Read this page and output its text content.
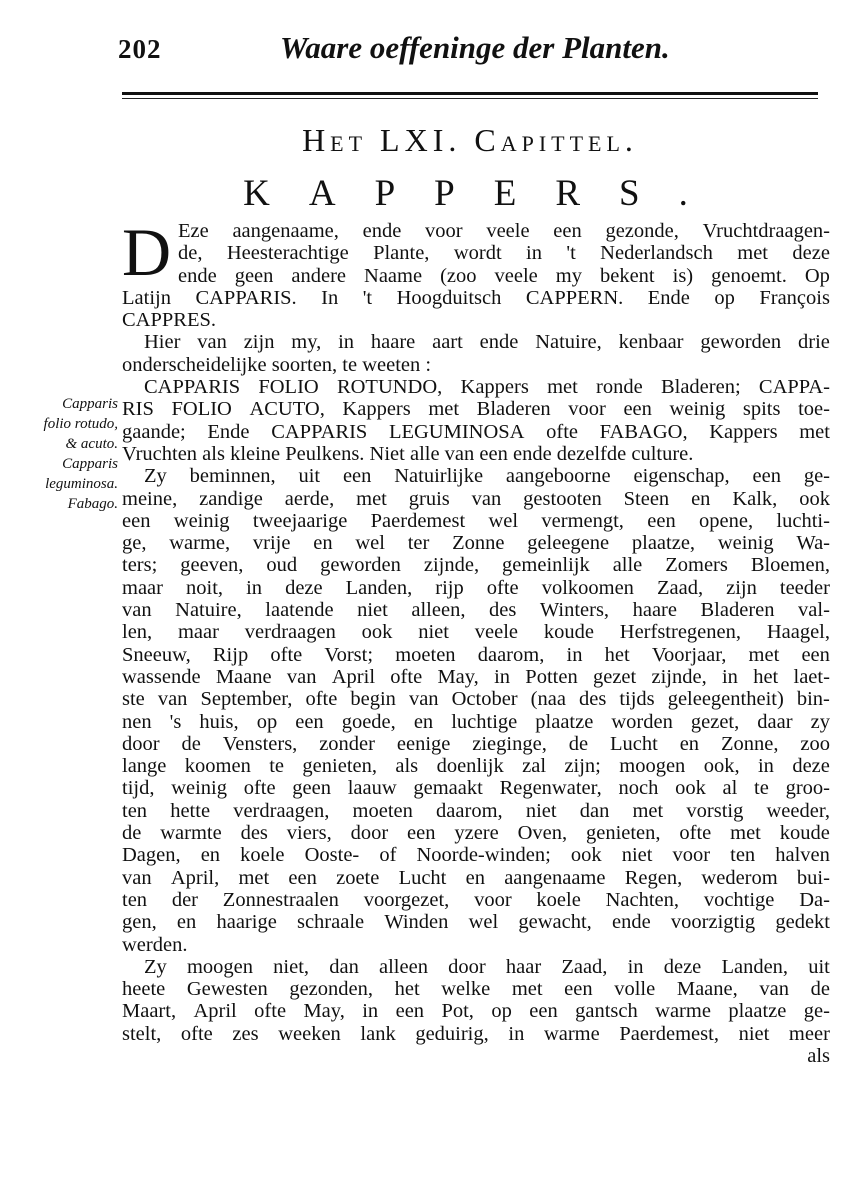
202	Waare oeffeninge der Planten.
Het LXI. Capittel.
KAPPERS.
Capparis
folio rotudo,
& acuto.
Capparis
leguminosa.
Fabago.
D Eze aangenaame, ende voor veele een gezonde, Vruchtdraagen-
de, Heesterachtige Plante, wordt in 't Nederlandsch met deze
ende geen andere Naame (zoo veele my bekent is) genoemt. Op
Latijn CAPPARIS. In 't Hoogduitsch CAPPERN. Ende op François
CAPPRES.
Hier van zijn my, in haare aart ende Natuire, kenbaar geworden drie
onderscheidelijke soorten, te weeten :
CAPPARIS FOLIO ROTUNDO, Kappers met ronde Bladeren; CAPPA-
RIS FOLIO ACUTO, Kappers met Bladeren voor een weinig spits toe-
gaande; Ende CAPPARIS LEGUMINOSA ofte FABAGO, Kappers met
Vruchten als kleine Peulkens. Niet alle van een ende dezelfde culture.
Zy beminnen, uit een Natuirlijke aangeboorne eigenschap, een ge-
meine, zandige aerde, met gruis van gestooten Steen en Kalk, ook
een weinig tweejaarige Paerdemest wel vermengt, een opene, luchti-
ge, warme, vrije en wel ter Zonne geleegene plaatze, weinig Wa-
ters; geeven, oud geworden zijnde, gemeinlijk alle Zomers Bloemen,
maar noit, in deze Landen, rijp ofte volkoomen Zaad, zijn teeder
van Natuire, laatende niet alleen, des Winters, haare Bladeren val-
len, maar verdraagen ook niet veele koude Herfstregenen, Haagel,
Sneeuw, Rijp ofte Vorst; moeten daarom, in het Voorjaar, met een
wassende Maane van April ofte May, in Potten gezet zijnde, in het laet-
ste van September, ofte begin van October (naa des tijds geleegentheit) bin-
nen 's huis, op een goede, en luchtige plaatze worden gezet, daar zy
door de Vensters, zonder eenige zieginge, de Lucht en Zonne, zoo
lange koomen te genieten, als doenlijk zal zijn; moogen ook, in deze
tijd, weinig ofte geen laauw gemaakt Regenwater, noch ook al te groo-
ten hette verdraagen, moeten daarom, niet dan met vorstig weeder,
de warmte des viers, door een yzere Oven, genieten, ofte met koude
Dagen, en koele Ooste- of Noorde-winden; ook niet voor ten halven
van April, met een zoete Lucht en aangenaame Regen, wederom bui-
ten der Zonnestraalen voorgezet, voor koele Nachten, vochtige Da-
gen, en haarige schraale Winden wel gewacht, ende voorzigtig gedekt
werden.
Zy moogen niet, dan alleen door haar Zaad, in deze Landen, uit
heete Gewesten gezonden, het welke met een volle Maane, van de
Maart, April ofte May, in een Pot, op een gantsch warme plaatze ge-
stelt, ofte zes weeken lank geduirig, in warme Paerdemest, niet meer
als
